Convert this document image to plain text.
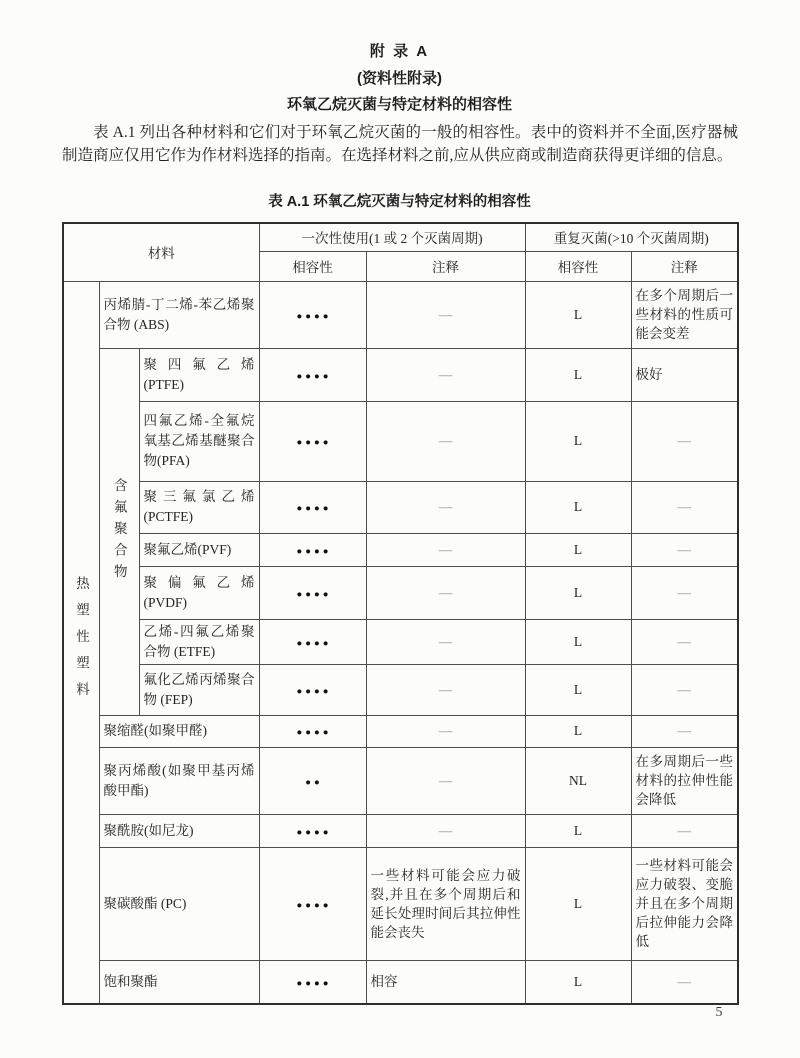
附 录 A
(资料性附录)
环氧乙烷灭菌与特定材料的相容性
表 A.1 列出各种材料和它们对于环氧乙烷灭菌的一般的相容性。表中的资料并不全面,医疗器械制造商应仅用它作为作材料选择的指南。在选择材料之前,应从供应商或制造商获得更详细的信息。
表 A.1 环氧乙烷灭菌与特定材料的相容性
材料			一次性使用(1 或 2 个灭菌周期)		重复灭菌(>10 个灭菌周期)	
			相容性	注释	相容性	注释

热塑性塑料	丙烯腈-丁二烯-苯乙烯聚合物 (ABS)		●●●●	—	L	在多个周期后一些材料的性质可能会变差

	含氟聚合物	聚四氟乙烯 (PTFE)	●●●●	—	L	极好
		四氟乙烯-全氟烷氧基乙烯基醚聚合物(PFA)	●●●●	—	L	—
		聚三氟氯乙烯 (PCTFE)	●●●●	—	L	—
		聚氟乙烯(PVF)	●●●●	—	L	—
		聚偏氟乙烯 (PVDF)	●●●●	—	L	—
		乙烯-四氟乙烯聚合物 (ETFE)	●●●●	—	L	—
		氟化乙烯丙烯聚合物 (FEP)	●●●●	—	L	—
	聚缩醛(如聚甲醛)		●●●●	—	L	—
	聚丙烯酸(如聚甲基丙烯酸甲酯)		●●	—	NL	在多周期后一些材料的拉伸性能会降低
	聚酰胺(如尼龙)		●●●●	—	L	—
	聚碳酸酯 (PC)		●●●●	一些材料可能会应力破裂,并且在多个周期后和延长处理时间后其拉伸性能会丧失	L	一些材料可能会应力破裂、变脆并且在多个周期后拉伸能力会降低
	饱和聚酯		●●●●	相容	L	—
5
